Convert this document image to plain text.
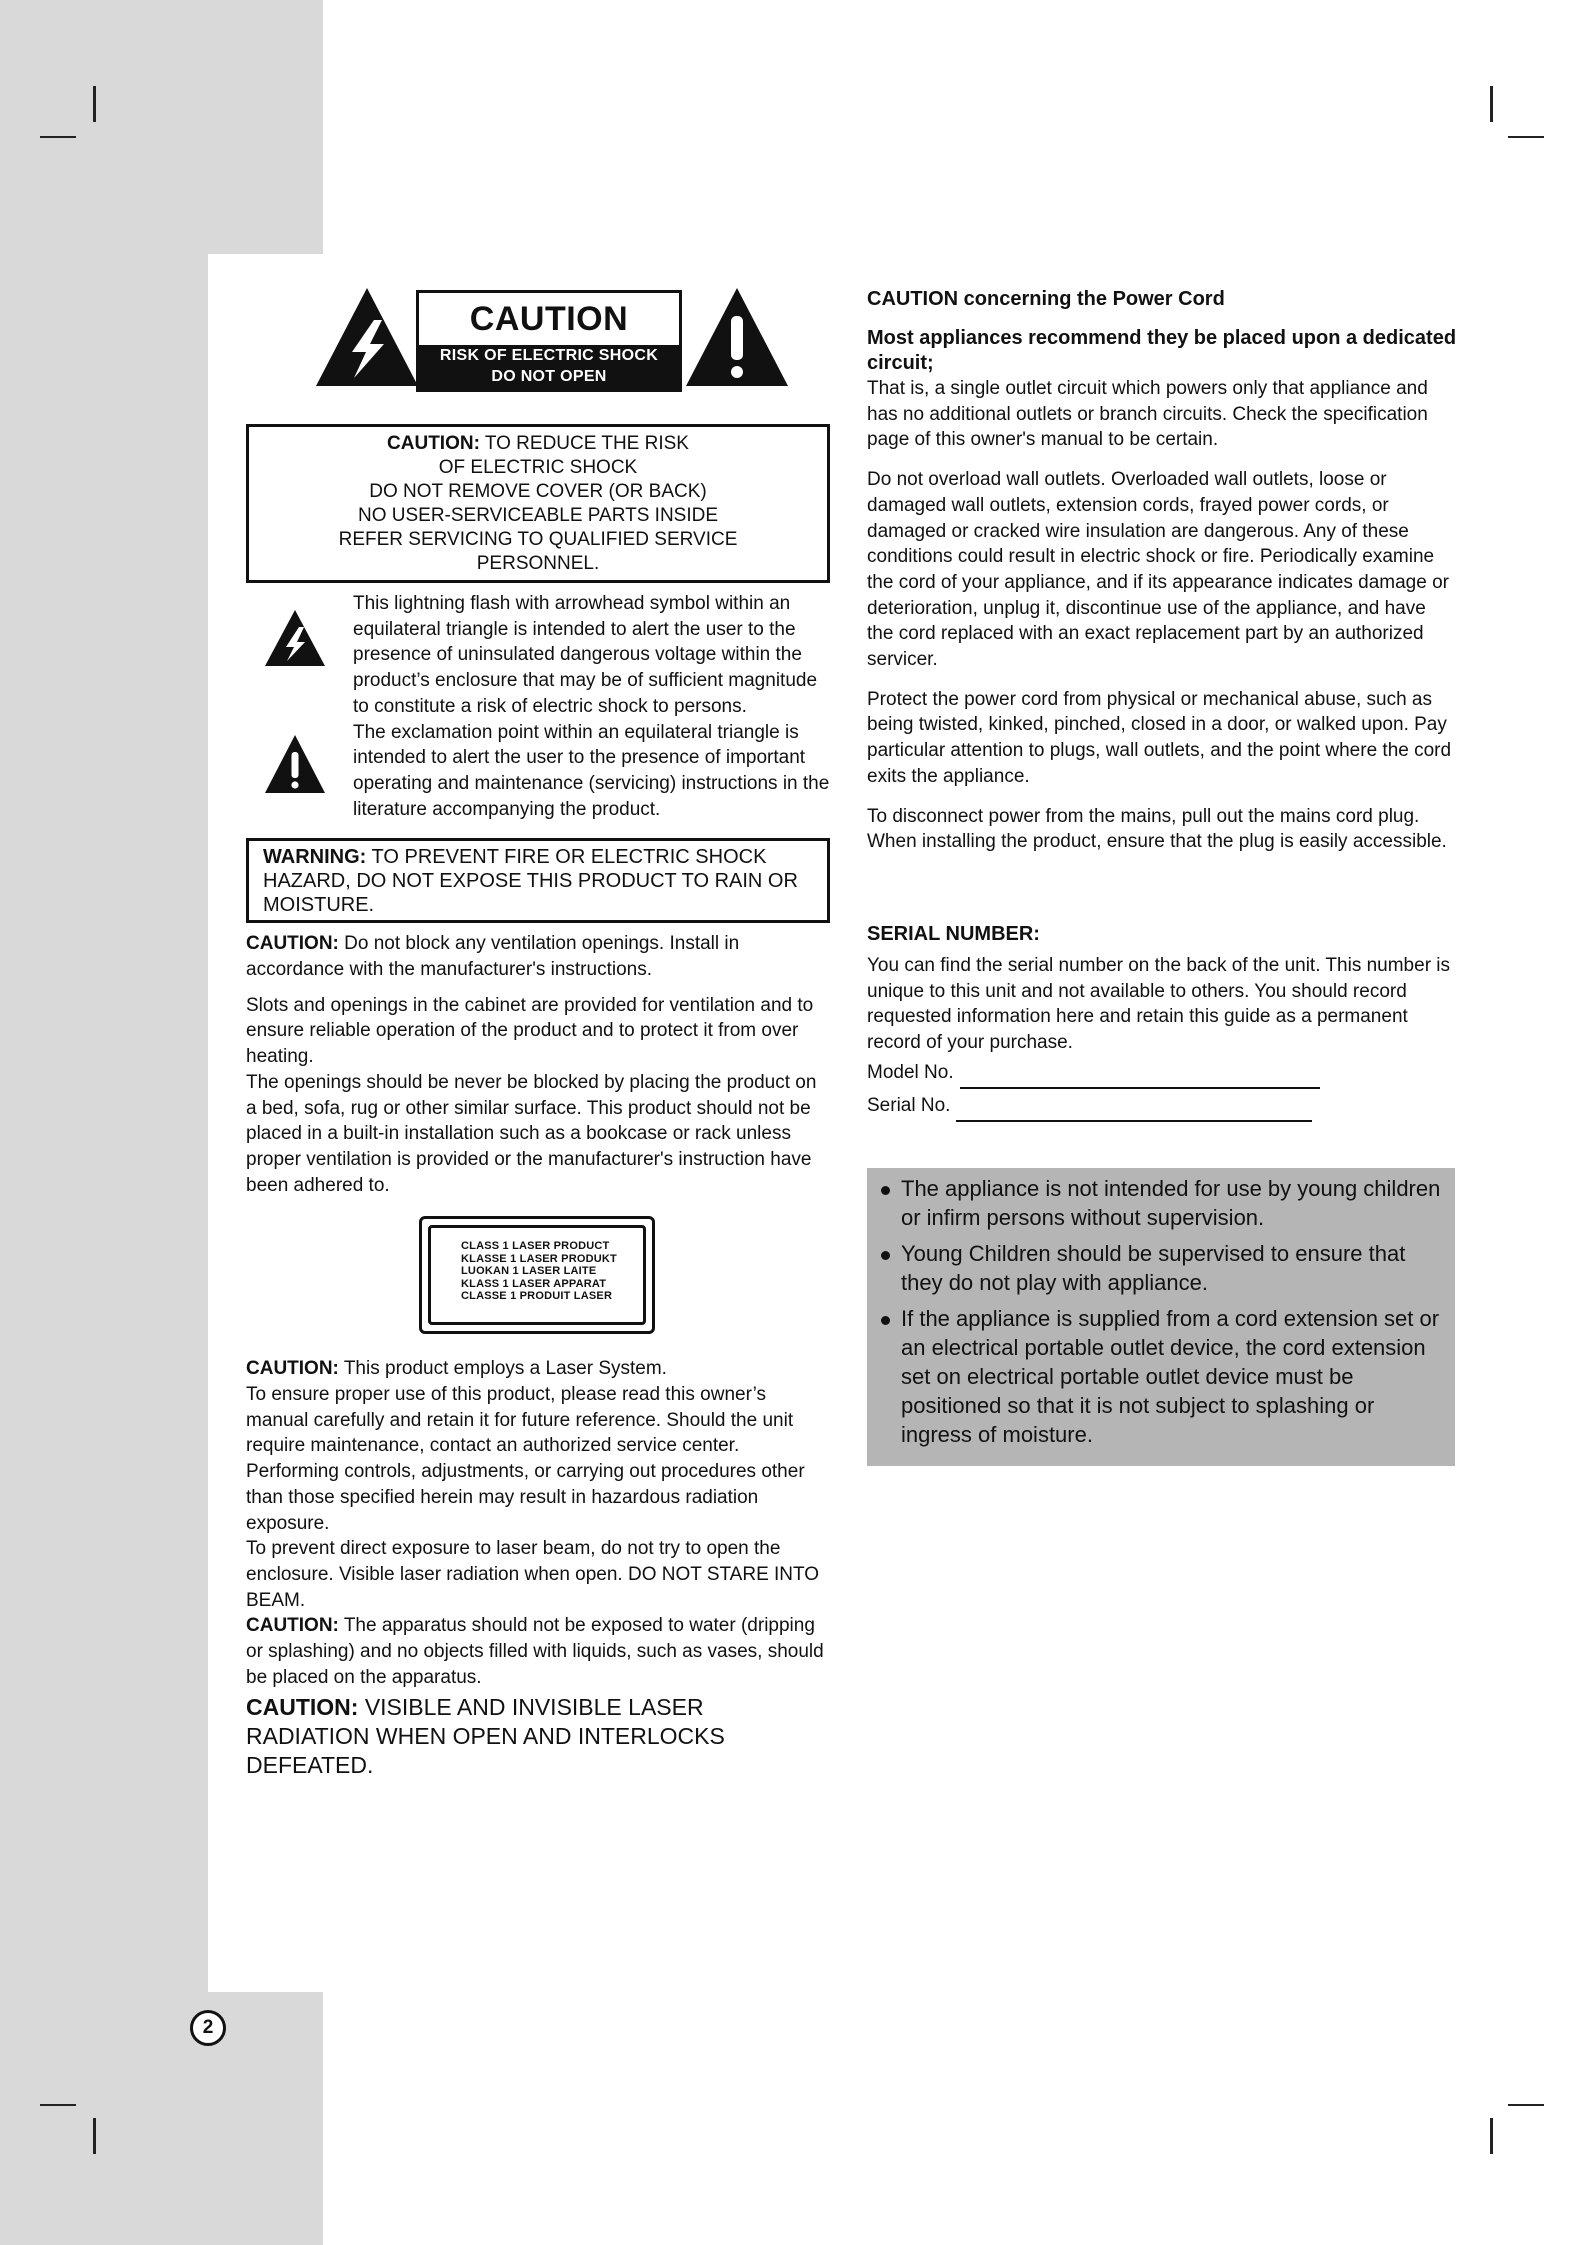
CAUTION
RISK OF ELECTRIC SHOCK
DO NOT OPEN
CAUTION: TO REDUCE THE RISK
OF ELECTRIC SHOCK
DO NOT REMOVE COVER (OR BACK)
NO USER-SERVICEABLE PARTS INSIDE
REFER SERVICING TO QUALIFIED SERVICE
PERSONNEL.
This lightning flash with arrowhead symbol within an equilateral triangle is intended to alert the user to the presence of uninsulated dangerous voltage within the product’s enclosure that may be of sufficient magnitude to constitute a risk of electric shock to persons.
The exclamation point within an equilateral triangle is intended to alert the user to the presence of important operating and maintenance (servicing) instructions in the literature accompanying the product.
WARNING: TO PREVENT FIRE OR ELECTRIC SHOCK HAZARD, DO NOT EXPOSE THIS PRODUCT TO RAIN OR MOISTURE.
CAUTION: Do not block any ventilation openings. Install in accordance with the manufacturer's instructions.
Slots and openings in the cabinet are provided for ventilation and to ensure reliable operation of the product and to protect it from over heating.
The openings should be never be blocked by placing the product on a bed, sofa, rug or other similar surface. This product should not be placed in a built-in installation such as a bookcase or rack unless proper ventilation is provided or the manufacturer's instruction have been adhered to.
CLASS 1 LASER PRODUCT
KLASSE 1 LASER PRODUKT
LUOKAN 1 LASER LAITE
KLASS 1 LASER APPARAT
CLASSE 1 PRODUIT LASER
CAUTION: This product employs a Laser System.
To ensure proper use of this product, please read this owner’s manual carefully and retain it for future reference. Should the unit require maintenance, contact an authorized service center.
Performing controls, adjustments, or carrying out procedures other than those specified herein may result in hazardous radiation exposure.
To prevent direct exposure to laser beam, do not try to open the enclosure. Visible laser radiation when open. DO NOT STARE INTO BEAM.
CAUTION: The apparatus should not be exposed to water (dripping or splashing) and no objects filled with liquids, such as vases, should be placed on the apparatus.
CAUTION: VISIBLE AND INVISIBLE LASER RADIATION WHEN OPEN AND INTERLOCKS DEFEATED.
CAUTION concerning the Power Cord
Most appliances recommend they be placed upon a dedicated circuit;
That is, a single outlet circuit which powers only that appliance and has no additional outlets or branch circuits. Check the specification page of this owner's manual to be certain.
Do not overload wall outlets. Overloaded wall outlets, loose or damaged wall outlets, extension cords, frayed power cords, or damaged or cracked wire insulation are dangerous. Any of these conditions could result in electric shock or fire. Periodically examine the cord of your appliance, and if its appearance indicates damage or deterioration, unplug it, discontinue use of the appliance, and have the cord replaced with an exact replacement part by an authorized servicer.
Protect the power cord from physical or mechanical abuse, such as being twisted, kinked, pinched, closed in a door, or walked upon. Pay particular attention to plugs, wall outlets, and the point where the cord
exits the appliance.
To disconnect power from the mains, pull out the mains cord plug. When installing the product, ensure that the plug is easily accessible.
SERIAL NUMBER:
You can find the serial number on the back of the unit. This number is unique to this unit and not available to others. You should record requested information here and retain this guide as a permanent record of your purchase.
Model No.
Serial No.
The appliance is not intended for use by young children or infirm persons without supervision.
Young Children should be supervised to ensure that they do not play with appliance.
If the appliance is supplied from a cord extension set or an electrical portable outlet device, the cord extension set on electrical portable outlet device must be positioned so that it is not subject to splashing or ingress of moisture.
2
